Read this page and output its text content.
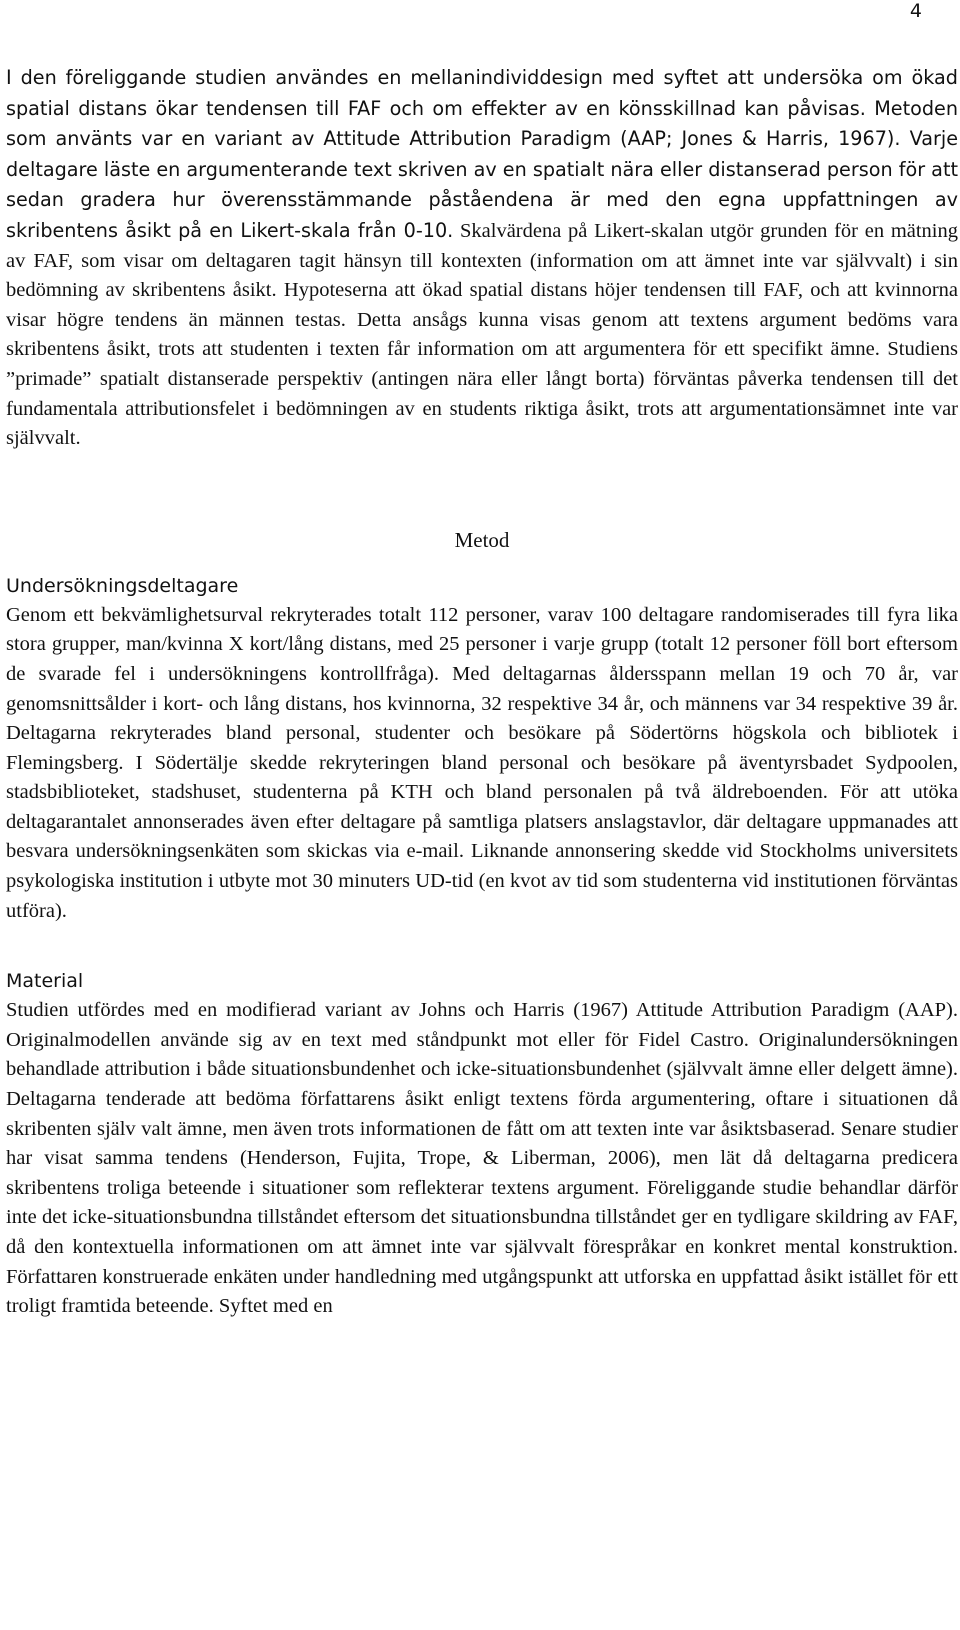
4

I den föreliggande studien användes en mellanindividdesign med syftet att undersöka om ökad spatial distans ökar tendensen till FAF och om effekter av en könsskillnad kan påvisas. Metoden som använts var en variant av Attitude Attribution Paradigm (AAP; Jones & Harris, 1967). Varje deltagare läste en argumenterande text skriven av en spatialt nära eller distanserad person för att sedan gradera hur överensstämmande påståendena är med den egna uppfattningen av skribentens åsikt på en Likert-skala från 0-10. Skalvärdena på Likert-skalan utgör grunden för en mätning av FAF, som visar om deltagaren tagit hänsyn till kontexten (information om att ämnet inte var självvalt) i sin bedömning av skribentens åsikt. Hypoteserna att ökad spatial distans höjer tendensen till FAF, och att kvinnorna visar högre tendens än männen testas. Detta ansågs kunna visas genom att textens argument bedöms vara skribentens åsikt, trots att studenten i texten får information om att argumentera för ett specifikt ämne. Studiens ”primade” spatialt distanserade perspektiv (antingen nära eller långt borta) förväntas påverka tendensen till det fundamentala attributionsfelet i bedömningen av en students riktiga åsikt, trots att argumentationsämnet inte var självvalt.

Metod
Undersökningsdeltagare

Genom ett bekvämlighetsurval rekryterades totalt 112 personer, varav 100 deltagare randomiserades till fyra lika stora grupper, man/kvinna X kort/lång distans, med 25 personer i varje grupp (totalt 12 personer föll bort eftersom de svarade fel i undersökningens kontrollfråga). Med deltagarnas åldersspann mellan 19 och 70 år, var genomsnittsålder i kort- och lång distans, hos kvinnorna, 32 respektive 34 år, och männens var 34 respektive 39 år. Deltagarna rekryterades bland personal, studenter och besökare på Södertörns högskola och bibliotek i Flemingsberg. I Södertälje skedde rekryteringen bland personal och besökare på äventyrsbadet Sydpoolen, stadsbiblioteket, stadshuset, studenterna på KTH och bland personalen på två äldreboenden. För att utöka deltagarantalet annonserades även efter deltagare på samtliga platsers anslagstavlor, där deltagare uppmanades att besvara undersökningsenkäten som skickas via e-mail. Liknande annonsering skedde vid Stockholms universitets psykologiska institution i utbyte mot 30 minuters UD-tid (en kvot av tid som studenterna vid institutionen förväntas utföra).

Material

Studien utfördes med en modifierad variant av Johns och Harris (1967) Attitude Attribution Paradigm (AAP). Originalmodellen använde sig av en text med ståndpunkt mot eller för Fidel Castro. Originalundersökningen behandlade attribution i både situationsbundenhet och icke-situationsbundenhet (självvalt ämne eller delgett ämne). Deltagarna tenderade att bedöma författarens åsikt enligt textens förda argumentering, oftare i situationen då skribenten själv valt ämne, men även trots informationen de fått om att texten inte var åsiktsbaserad. Senare studier har visat samma tendens (Henderson, Fujita, Trope, & Liberman, 2006), men lät då deltagarna predicera skribentens troliga beteende i situationer som reflekterar textens argument. Föreliggande studie behandlar därför inte det icke-situationsbundna tillståndet eftersom det situationsbundna tillståndet ger en tydligare skildring av FAF, då den kontextuella informationen om att ämnet inte var självvalt förespråkar en konkret mental konstruktion. Författaren konstruerade enkäten under handledning med utgångspunkt att utforska en uppfattad åsikt istället för ett troligt framtida beteende. Syftet med en
